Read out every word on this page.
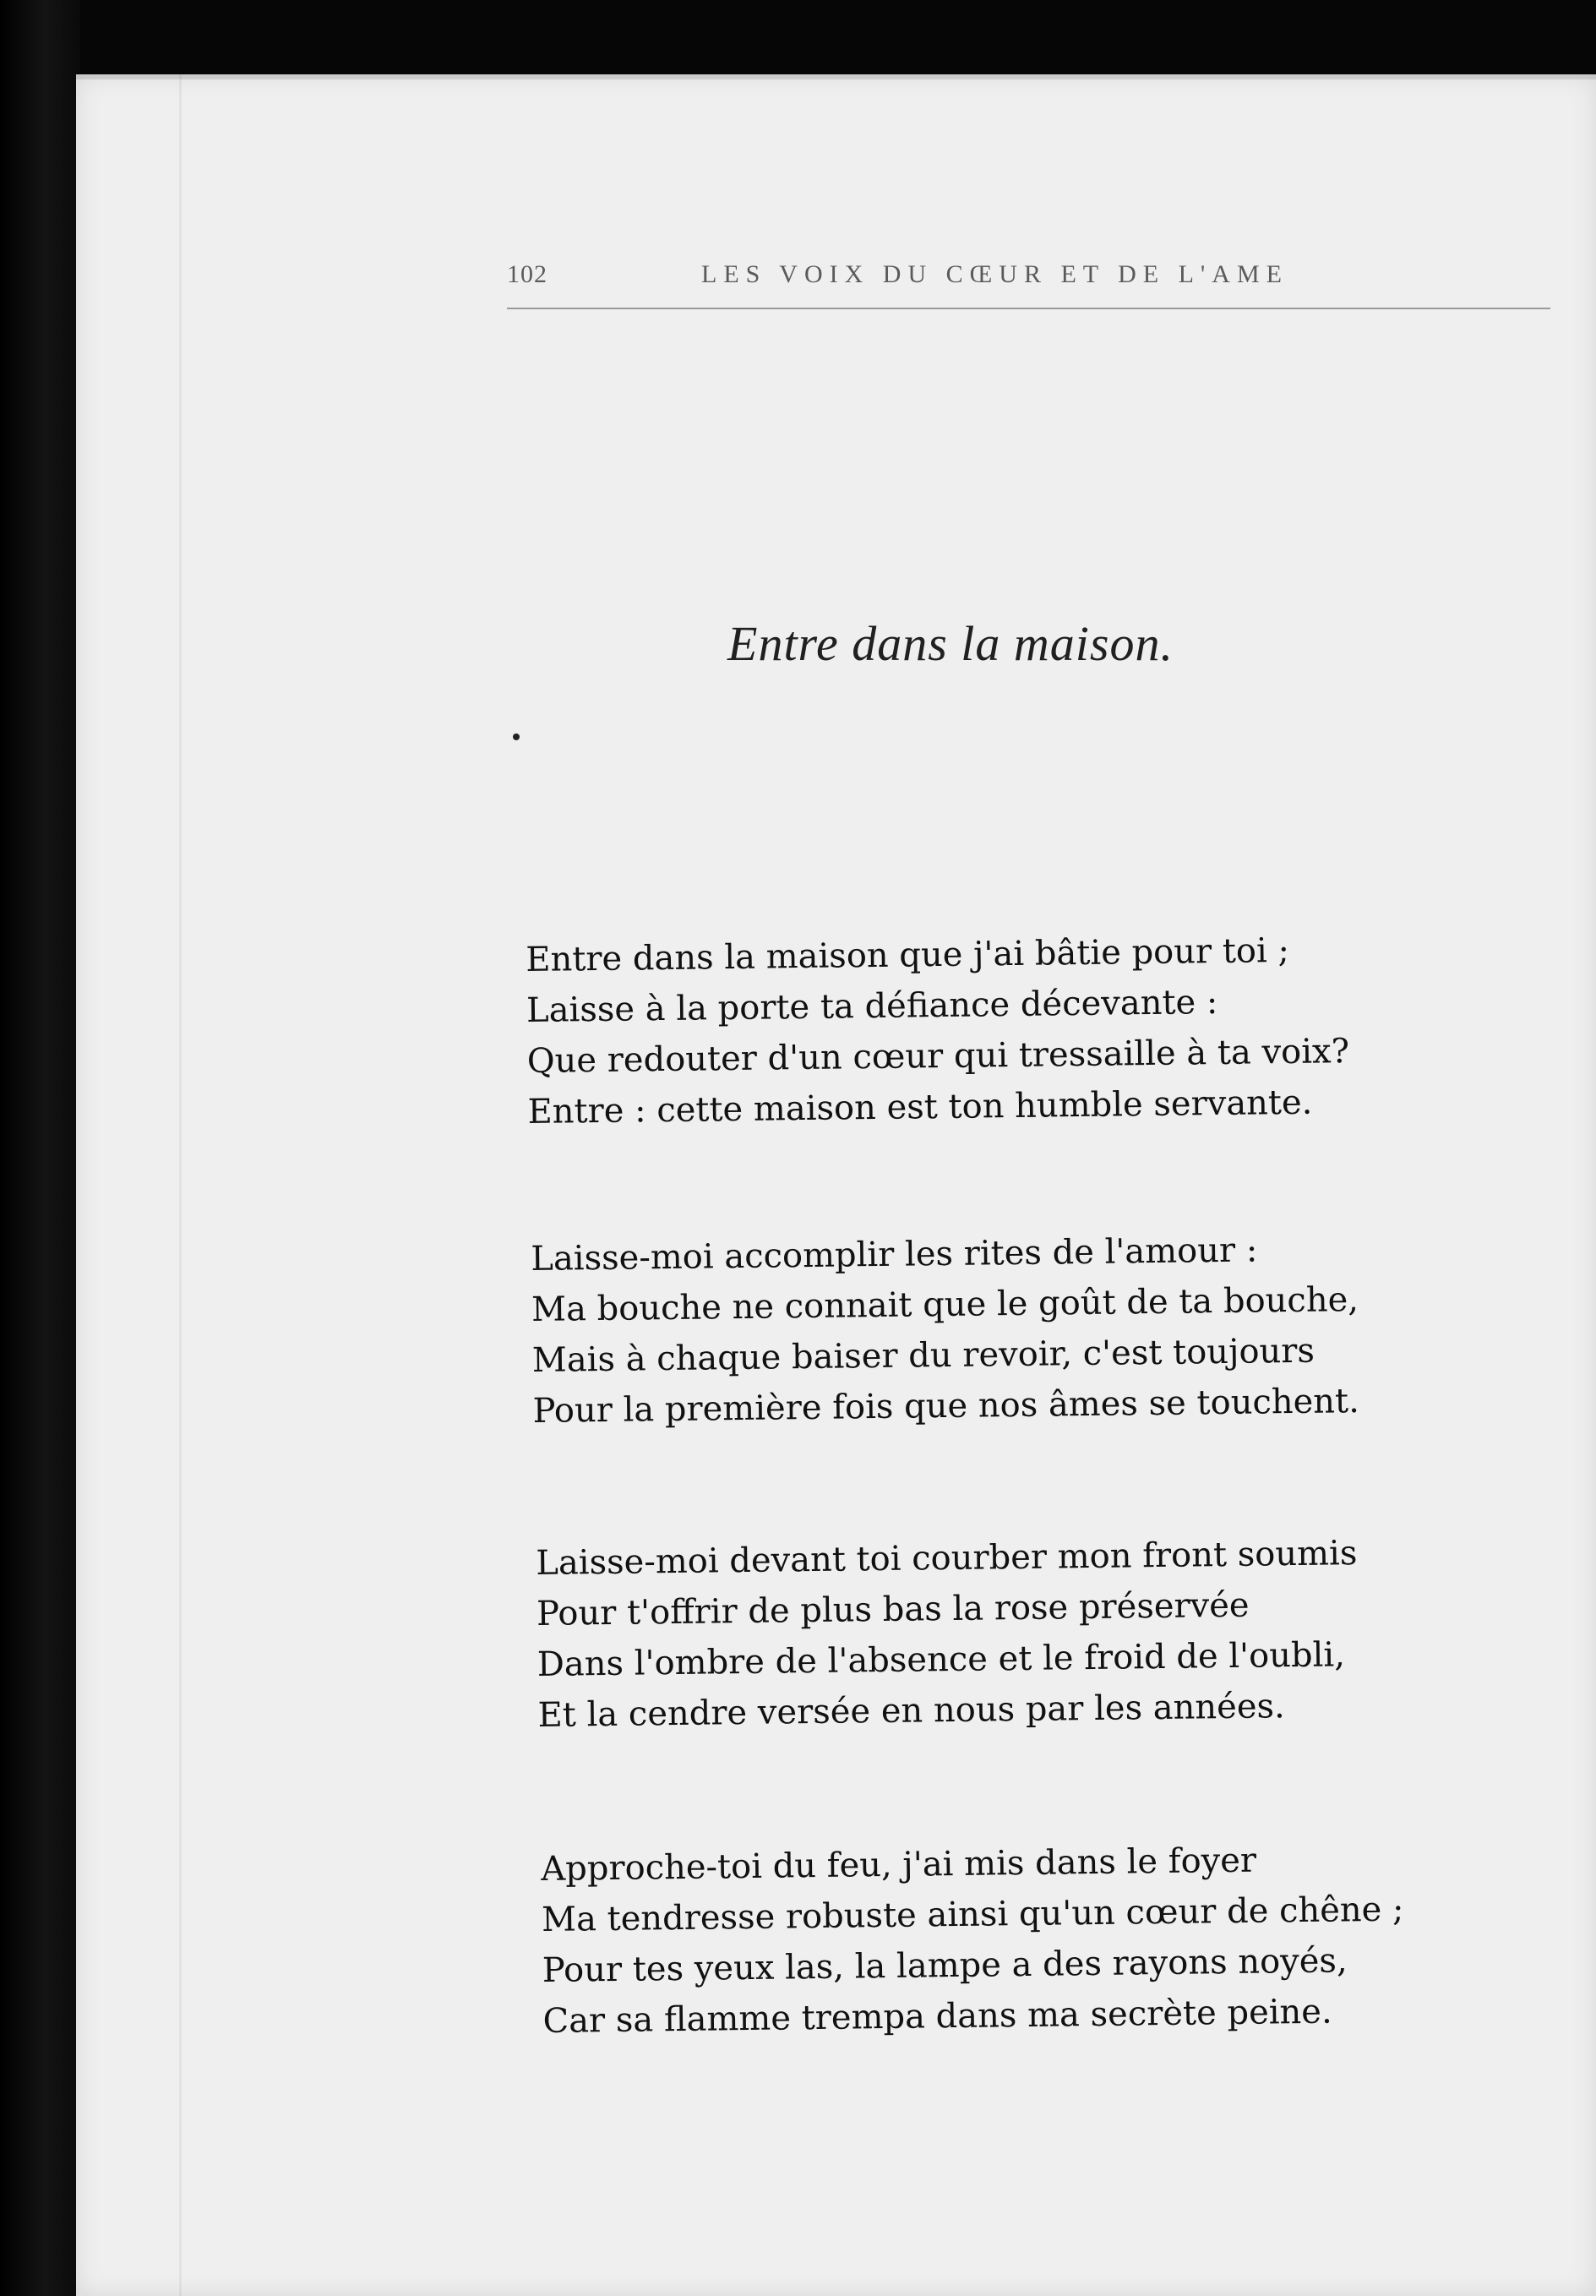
102	LES VOIX DU CŒUR ET DE L'AME
Entre dans la maison.
Entre dans la maison que j'ai bâtie pour toi ;
Laisse à la porte ta défiance décevante :
Que redouter d'un cœur qui tressaille à ta voix?
Entre : cette maison est ton humble servante.
Laisse-moi accomplir les rites de l'amour :
Ma bouche ne connait que le goût de ta bouche,
Mais à chaque baiser du revoir, c'est toujours
Pour la première fois que nos âmes se touchent.
Laisse-moi devant toi courber mon front soumis
Pour t'offrir de plus bas la rose préservée
Dans l'ombre de l'absence et le froid de l'oubli,
Et la cendre versée en nous par les années.
Approche-toi du feu, j'ai mis dans le foyer
Ma tendresse robuste ainsi qu'un cœur de chêne ;
Pour tes yeux las, la lampe a des rayons noyés,
Car sa flamme trempa dans ma secrète peine.
